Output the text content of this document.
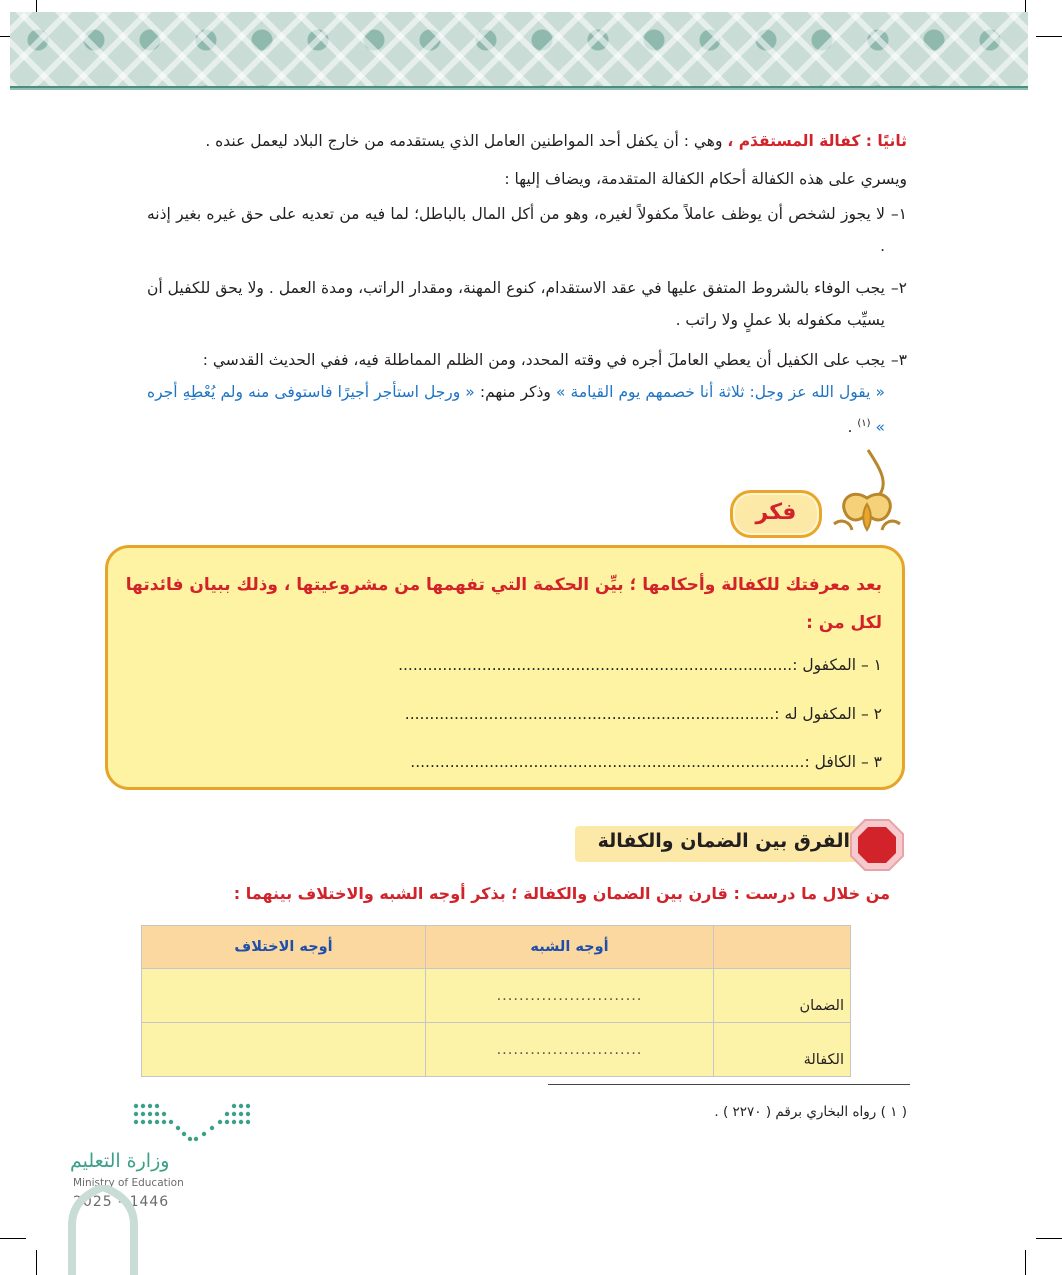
ثانيًا : كفالة المستقدَم ، وهي : أن يكفل أحد المواطنين العامل الذي يستقدمه من خارج البلاد ليعمل عنده .
ويسري على هذه الكفالة أحكام الكفالة المتقدمة، ويضاف إليها :
١–
لا يجوز لشخص أن يوظف عاملاً مكفولاً لغيره، وهو من أكل المال بالباطل؛ لما فيه من تعديه على حق غيره بغير إذنه .
٢–
يجب الوفاء بالشروط المتفق عليها في عقد الاستقدام، كنوع المهنة، ومقدار الراتب، ومدة العمل . ولا يحق للكفيل أن يسيِّب مكفوله بلا عملٍ ولا راتب .
٣–
يجب على الكفيل أن يعطي العاملَ أجره في وقته المحدد، ومن الظلم المماطلة فيه، ففي الحديث القدسي :
« يقول الله عز وجل: ثلاثة أنا خصمهم يوم القيامة » وذكر منهم: « ورجل استأجر أجيرًا فاستوفى منه ولم يُعْطِهِ أجره » $^{(١)}$ .
فكر
بعد معرفتك للكفالة وأحكامها ؛ بيِّن الحكمة التي تفهمها من مشروعيتها ، وذلك ببيان فائدتها لكل من :
١ – المكفول :................................................................................
٢ – المكفول له :...........................................................................
٣ – الكافل :................................................................................
الفرق بين الضمان والكفالة
من خلال ما درست : قارن بين الضمان والكفالة ؛ بذكر أوجه الشبه والاختلاف بينهما :
	أوجه الشبه	أوجه الاختلاف
الضمان	..........................	
الكفالة	..........................	
( ١ ) رواه البخاري برقم ( ٢٢٧٠ ) .
وزارة التعليم
Ministry of Education
2025 - 1446
